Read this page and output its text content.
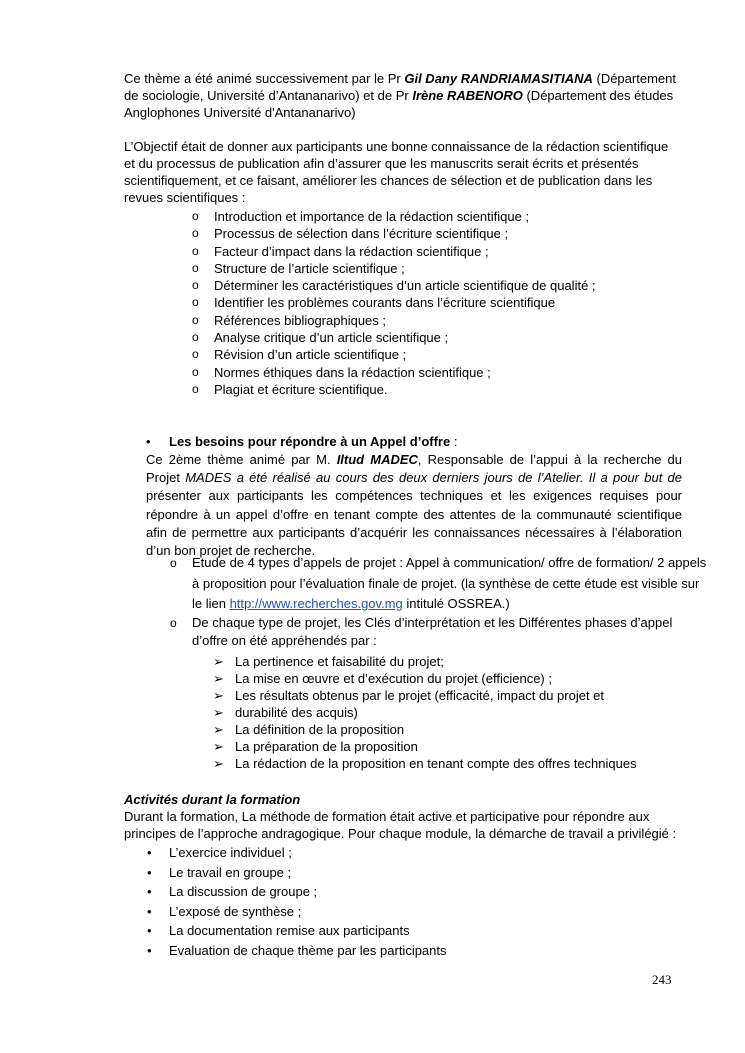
Ce thème a été animé successivement par le Pr Gil Dany RANDRIAMASITIANA (Département de sociologie, Université d’Antananarivo) et de Pr Irène RABENORO (Département des études Anglophones Université d'Antananarivo)

L’Objectif était de donner aux participants une bonne connaissance de la rédaction scientifique et du processus de publication afin d’assurer que les manuscrits serait écrits et présentés scientifiquement, et ce faisant, améliorer les chances de sélection et de publication dans les revues scientifiques :

o Introduction et importance de la rédaction scientifique ;
o Processus de sélection dans l’écriture scientifique ;
o Facteur d’impact dans la rédaction scientifique ;
o Structure de l’article scientifique ;
o Déterminer les caractéristiques d’un article scientifique de qualité ;
o Identifier les problèmes courants dans l’écriture scientifique
o Références bibliographiques ;
o Analyse critique d’un article scientifique ;
o Révision d’un article scientifique ;
o Normes éthiques dans la rédaction scientifique ;
o Plagiat et écriture scientifique.
• Les besoins pour répondre à un Appel d’offre :

Ce 2ème thème animé par M. Iltud MADEC, Responsable de l’appui à la recherche du Projet MADES a été réalisé au cours des deux derniers jours de l’Atelier. Il a pour but de présenter aux participants les compétences techniques et les exigences requises pour répondre à un appel d’offre en tenant compte des attentes de la communauté scientifique afin de permettre aux participants d’acquérir les connaissances nécessaires à l’élaboration d’un bon projet de recherche.

o Etude de 4 types d’appels de projet : Appel à communication/ offre de formation/ 2 appels
à proposition pour l’évaluation finale de projet. (la synthèse de cette étude est visible sur
le lien http://www.recherches.gov.mg intitulé OSSREA.)
o De chaque type de projet, les Clés d’interprétation et les Différentes phases d’appel
d’offre on été appréhendés par :
➢ La pertinence et faisabilité du projet;
➢ La mise en œuvre et d’exécution du projet (efficience) ;
➢ Les résultats obtenus par le projet (efficacité, impact du projet et
➢ durabilité des acquis)
➢ La définition de la proposition
➢ La préparation de la proposition
➢ La rédaction de la proposition en tenant compte des offres techniques
Activités durant la formation

Durant la formation, La méthode de formation était active et participative pour répondre aux principes de l’approche andragogique. Pour chaque module, la démarche de travail a privilégié :

• L’exercice individuel ;
• Le travail en groupe ;
• La discussion de groupe ;
• L’exposé de synthèse ;
• La documentation remise aux participants
• Evaluation de chaque thème par les participants
243
